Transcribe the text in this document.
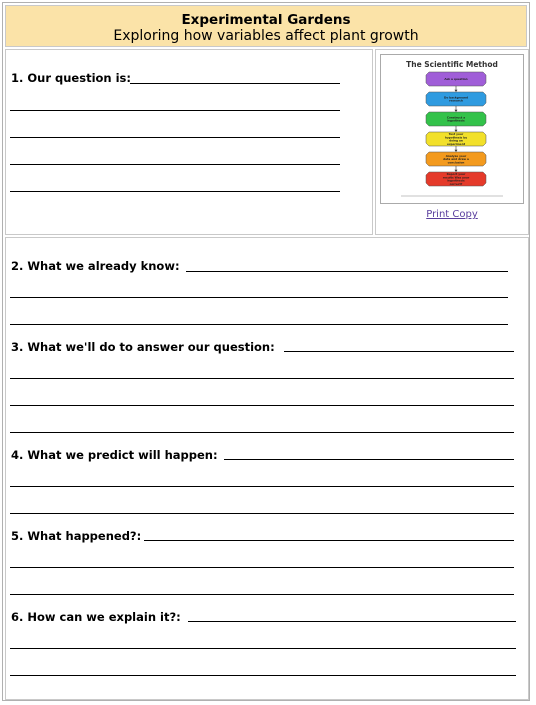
Experimental Gardens
Exploring how variables affect plant growth
1. Our question is:
The Scientific Method
Ask a question
Do background research
Construct a hypothesis
Test your hypothesis by doing an experiment
Analyze your data and draw a conclusion
Report your results Was your hypothesis correct?
Print Copy
2. What we already know:
3. What we'll do to answer our question:
4. What we predict will happen:
5. What happened?:
6. How can we explain it?:
